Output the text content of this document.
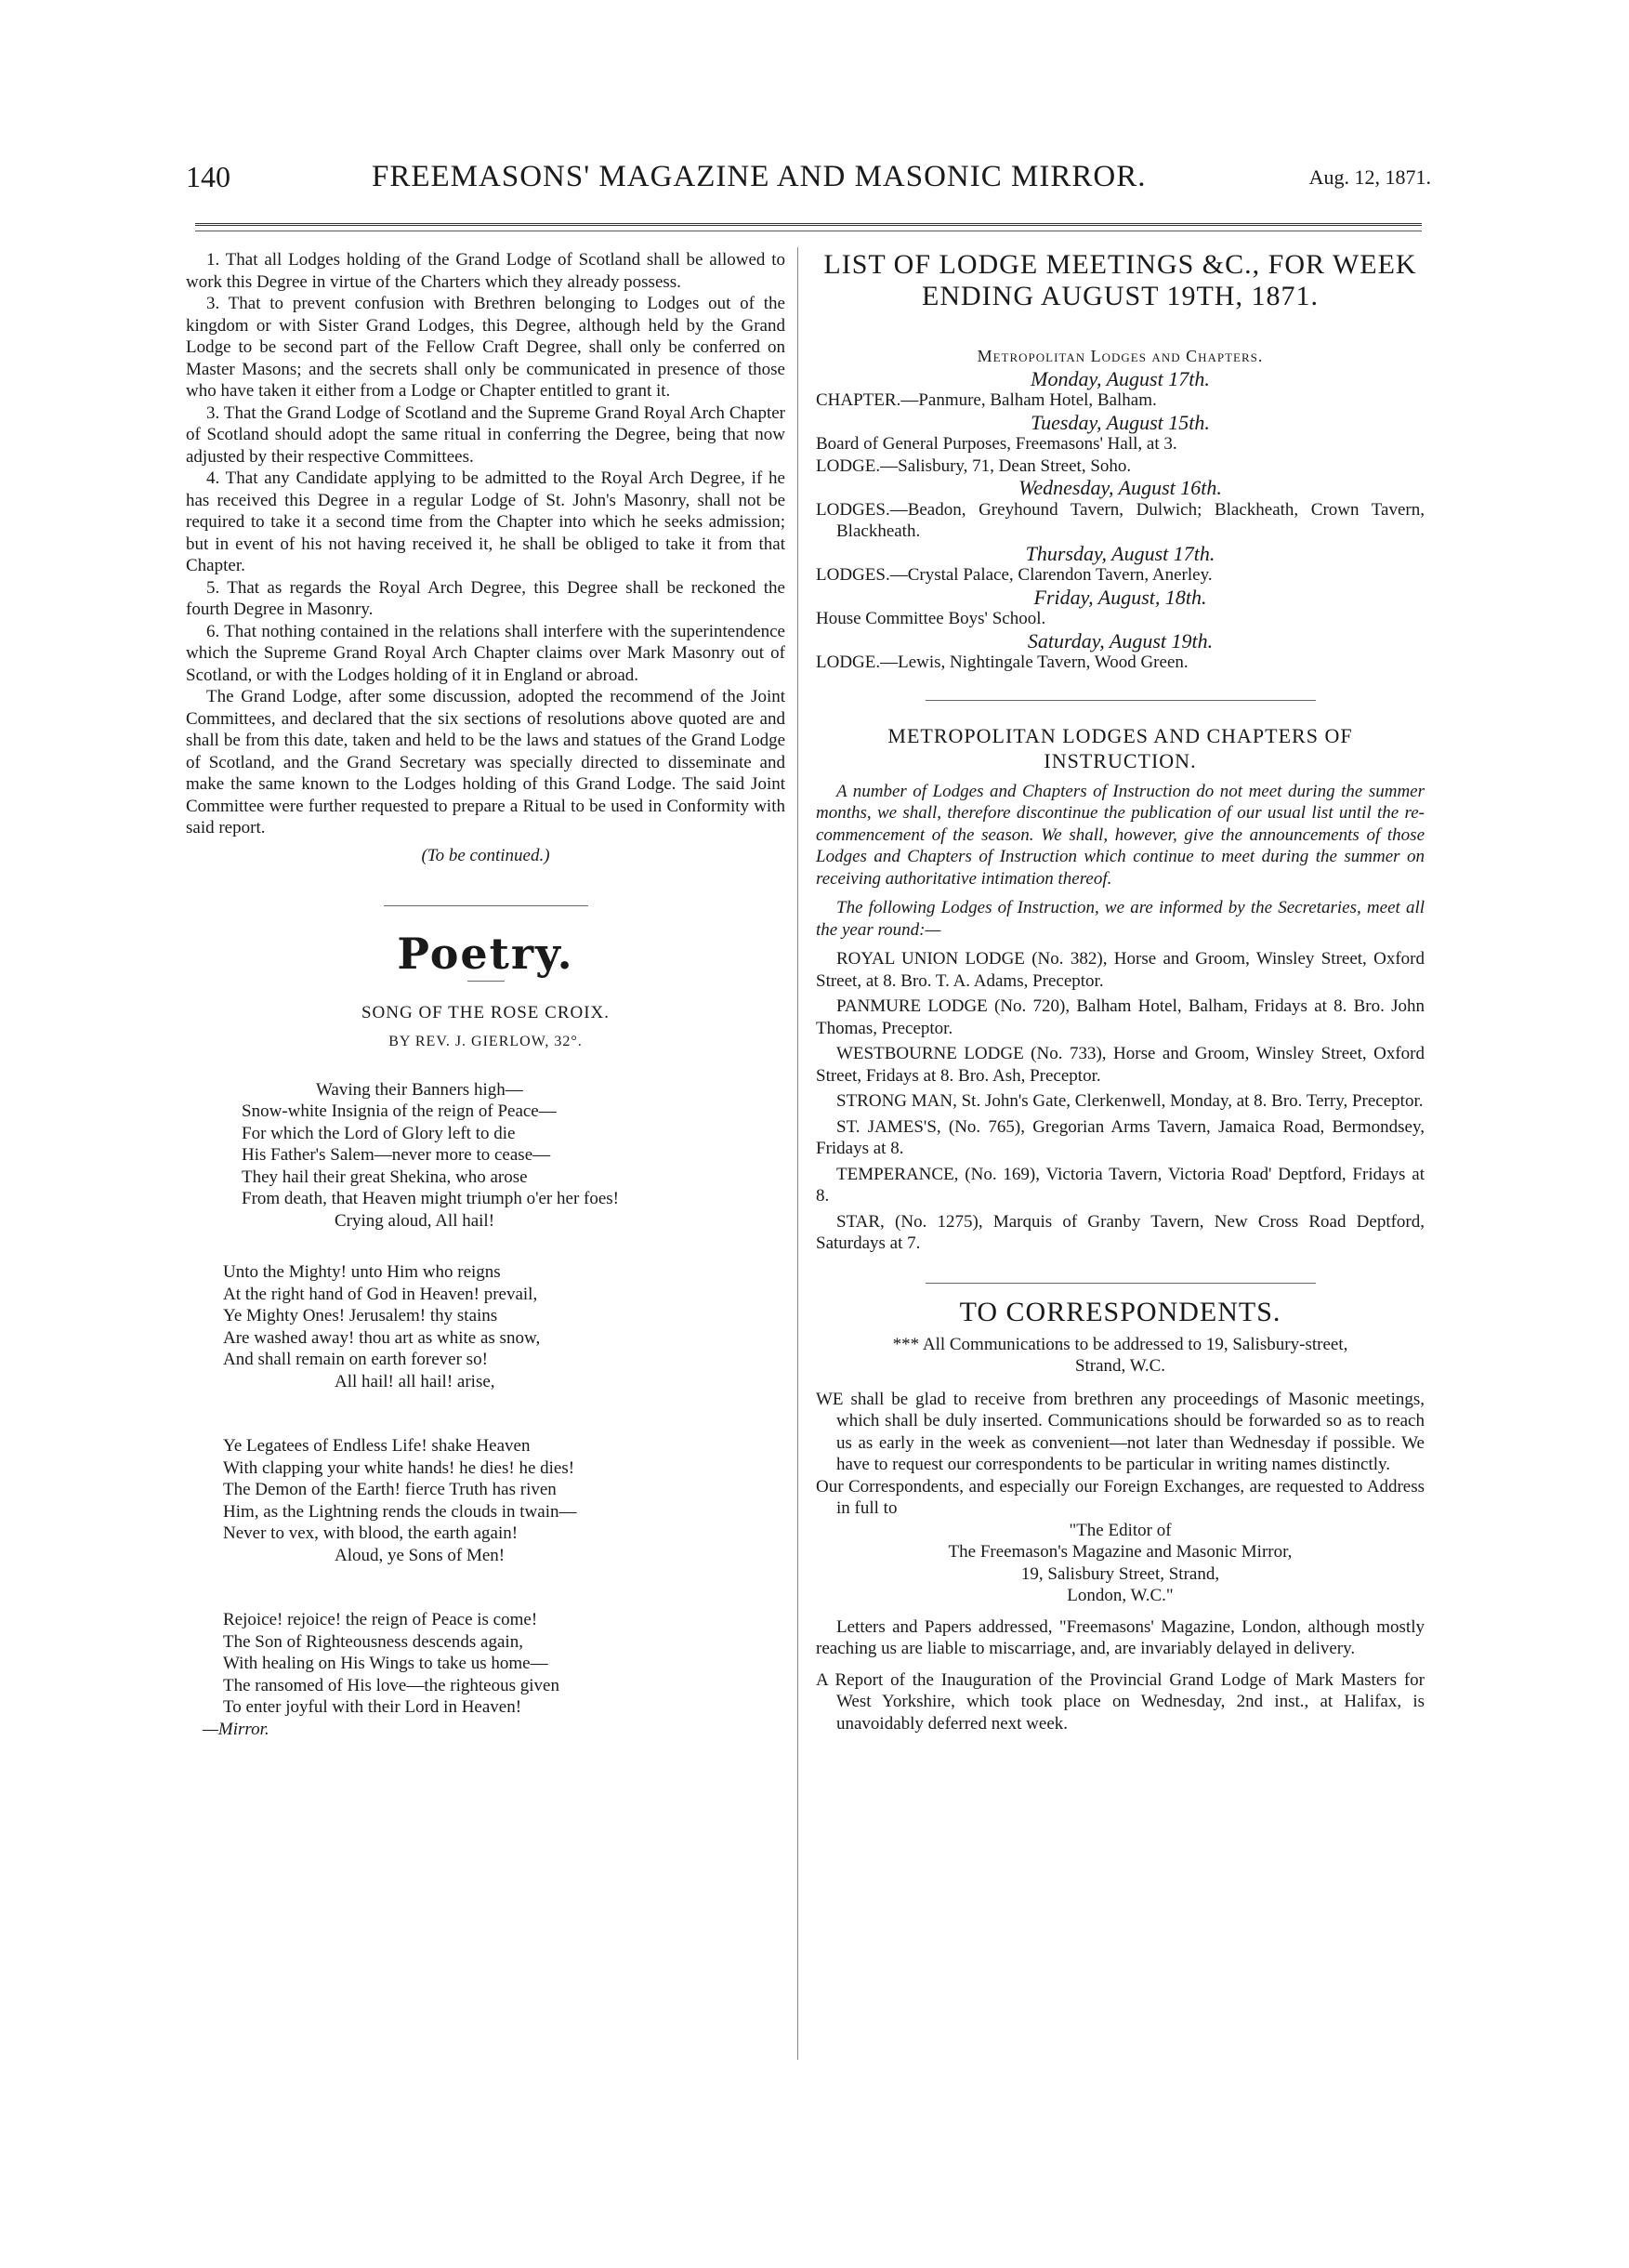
140	FREEMASONS' MAGAZINE AND MASONIC MIRROR.	Aug. 12, 1871.

1. That all Lodges holding of the Grand Lodge of Scotland shall be allowed to work this Degree in virtue of the Charters which they already possess.

3. That to prevent confusion with Brethren belonging to Lodges out of the kingdom or with Sister Grand Lodges, this Degree, although held by the Grand Lodge to be second part of the Fellow Craft Degree, shall only be conferred on Master Masons; and the secrets shall only be communicated in presence of those who have taken it either from a Lodge or Chapter entitled to grant it.

3. That the Grand Lodge of Scotland and the Supreme Grand Royal Arch Chapter of Scotland should adopt the same ritual in conferring the Degree, being that now adjusted by their respective Committees.

4. That any Candidate applying to be admitted to the Royal Arch Degree, if he has received this Degree in a regular Lodge of St. John's Masonry, shall not be required to take it a second time from the Chapter into which he seeks admission; but in event of his not having received it, he shall be obliged to take it from that Chapter.

5. That as regards the Royal Arch Degree, this Degree shall be reckoned the fourth Degree in Masonry.

6. That nothing contained in the relations shall interfere with the superintendence which the Supreme Grand Royal Arch Chapter claims over Mark Masonry out of Scotland, or with the Lodges holding of it in England or abroad.

The Grand Lodge, after some discussion, adopted the recommend of the Joint Committees, and declared that the six sections of resolutions above quoted are and shall be from this date, taken and held to be the laws and statues of the Grand Lodge of Scotland, and the Grand Secretary was specially directed to disseminate and make the same known to the Lodges holding of this Grand Lodge. The said Joint Committee were further requested to prepare a Ritual to be used in Conformity with said report.

(To be continued.)

Poetry.

SONG OF THE ROSE CROIX.

BY REV. J. GIERLOW, 32°.

Waving their Banners high—

Snow-white Insignia of the reign of Peace—

For which the Lord of Glory left to die

His Father's Salem—never more to cease—

They hail their great Shekina, who arose

From death, that Heaven might triumph o'er her foes!

Crying aloud, All hail!

Unto the Mighty! unto Him who reigns

At the right hand of God in Heaven! prevail,

Ye Mighty Ones! Jerusalem! thy stains

Are washed away! thou art as white as snow,

And shall remain on earth forever so!

All hail! all hail! arise,

Ye Legatees of Endless Life! shake Heaven

With clapping your white hands! he dies! he dies!

The Demon of the Earth! fierce Truth has riven

Him, as the Lightning rends the clouds in twain—

Never to vex, with blood, the earth again!

Aloud, ye Sons of Men!

Rejoice! rejoice! the reign of Peace is come!

The Son of Righteousness descends again,

With healing on His Wings to take us home—

The ransomed of His love—the righteous given

To enter joyful with their Lord in Heaven!

—Mirror.

LIST OF LODGE MEETINGS &C., FOR WEEK ENDING AUGUST 19TH, 1871.

Metropolitan Lodges and Chapters.

Monday, August 17th.

CHAPTER.—Panmure, Balham Hotel, Balham.

Tuesday, August 15th.

Board of General Purposes, Freemasons' Hall, at 3.

LODGE.—Salisbury, 71, Dean Street, Soho.

Wednesday, August 16th.

LODGES.—Beadon, Greyhound Tavern, Dulwich; Blackheath, Crown Tavern, Blackheath.

Thursday, August 17th.

LODGES.—Crystal Palace, Clarendon Tavern, Anerley.

Friday, August, 18th.

House Committee Boys' School.

Saturday, August 19th.

LODGE.—Lewis, Nightingale Tavern, Wood Green.

METROPOLITAN LODGES AND CHAPTERS OF INSTRUCTION.

A number of Lodges and Chapters of Instruction do not meet during the summer months, we shall, therefore discontinue the publication of our usual list until the re-commencement of the season. We shall, however, give the announcements of those Lodges and Chapters of Instruction which continue to meet during the summer on receiving authoritative intimation thereof.

The following Lodges of Instruction, we are informed by the Secretaries, meet all the year round:—

ROYAL UNION LODGE (No. 382), Horse and Groom, Winsley Street, Oxford Street, at 8. Bro. T. A. Adams, Preceptor.

PANMURE LODGE (No. 720), Balham Hotel, Balham, Fridays at 8. Bro. John Thomas, Preceptor.

WESTBOURNE LODGE (No. 733), Horse and Groom, Winsley Street, Oxford Street, Fridays at 8. Bro. Ash, Preceptor.

STRONG MAN, St. John's Gate, Clerkenwell, Monday, at 8. Bro. Terry, Preceptor.

ST. JAMES'S, (No. 765), Gregorian Arms Tavern, Jamaica Road, Bermondsey, Fridays at 8.

TEMPERANCE, (No. 169), Victoria Tavern, Victoria Road' Deptford, Fridays at 8.

STAR, (No. 1275), Marquis of Granby Tavern, New Cross Road Deptford, Saturdays at 7.

TO CORRESPONDENTS.

*** All Communications to be addressed to 19, Salisbury-street, Strand, W.C.

WE shall be glad to receive from brethren any proceedings of Masonic meetings, which shall be duly inserted. Communications should be forwarded so as to reach us as early in the week as convenient—not later than Wednesday if possible. We have to request our correspondents to be particular in writing names distinctly.

Our Correspondents, and especially our Foreign Exchanges, are requested to Address in full to

"The Editor of

The Freemason's Magazine and Masonic Mirror,

19, Salisbury Street, Strand,

London, W.C."

Letters and Papers addressed, "Freemasons' Magazine, London, although mostly reaching us are liable to miscarriage, and, are invariably delayed in delivery.

A Report of the Inauguration of the Provincial Grand Lodge of Mark Masters for West Yorkshire, which took place on Wednesday, 2nd inst., at Halifax, is unavoidably deferred next week.
